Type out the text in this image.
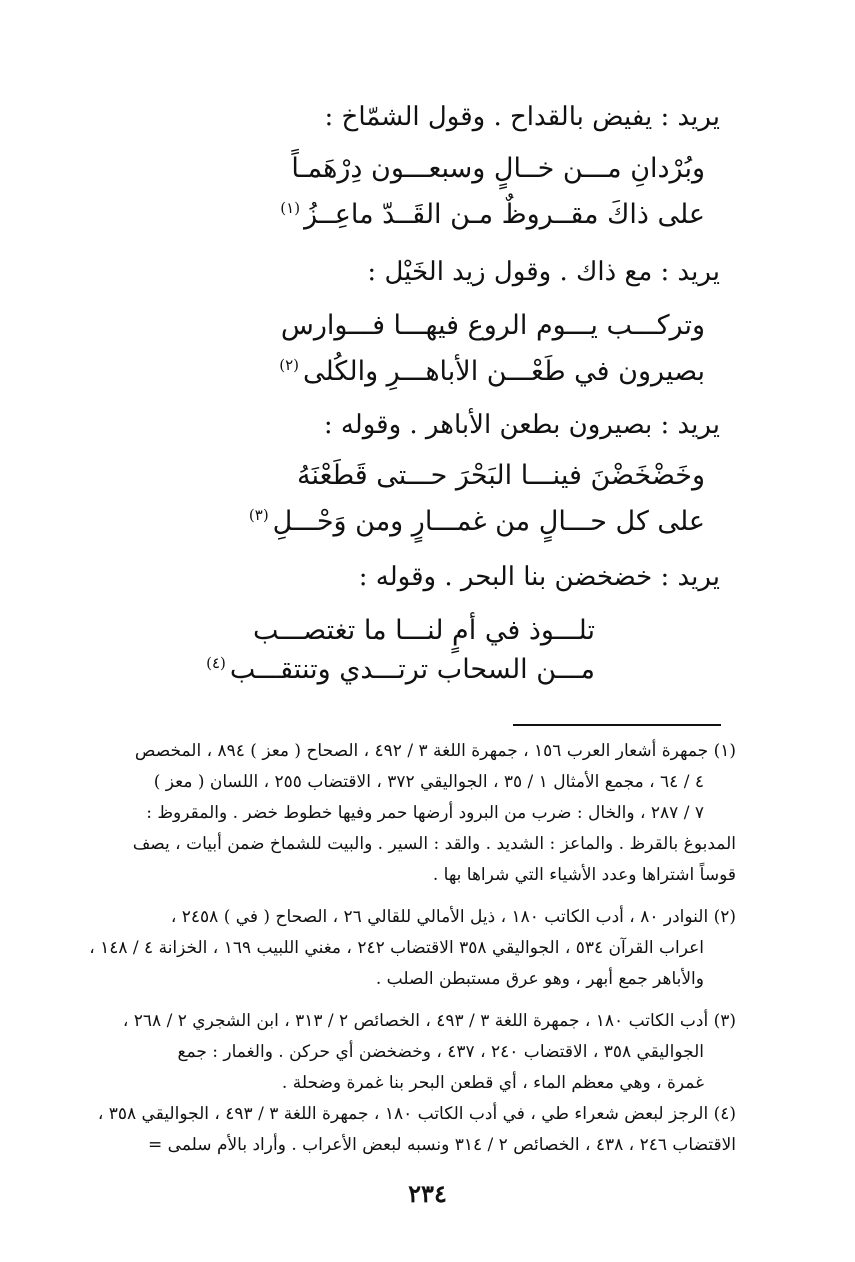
يريد : يفيض بالقداح . وقول الشمّاخ :
وبُرْدانِ مـــن خــالٍ وسبعـــون دِرْهَمـاً
على ذاكَ مقــروظٌ مـن القَــدّ ماعِــزُ$^{(١)}$
يريد : مع ذاك . وقول زيد الخَيْل :
وتركـــب يـــوم الروع فيهـــا فـــوارس
بصيرون في طَعْـــن الأباهـــرِ والكُلى$^{(٢)}$
يريد : بصيرون بطعن الأباهر . وقوله :
وخَضْخَضْنَ فينـــا البَحْرَ حـــتى قَطَعْنَهُ
على كل حـــالٍ من غمـــارٍ ومن وَحْـــلِ$^{(٣)}$
يريد : خضخضن بنا البحر . وقوله :
تلـــوذ في أمٍ لنـــا ما تغتصـــب
مـــن السحاب ترتـــدي وتنتقـــب$^{(٤)}$
(١) جمهرة أشعار العرب ١٥٦ ، جمهرة اللغة ٣ / ٤٩٢ ، الصحاح ( معز ) ٨٩٤ ، المخصص
٤ / ٦٤ ، مجمع الأمثال ١ / ٣٥ ، الجواليقي ٣٧٢ ، الاقتضاب ٢٥٥ ، اللسان ( معز )
٧ / ٢٨٧ ، والخال : ضرب من البرود أرضها حمر وفيها خطوط خضر . والمقروظ :
المدبوغ بالقرظ . والماعز : الشديد . والقد : السير . والبيت للشماخ ضمن أبيات ، يصف
قوساً اشتراها وعدد الأشياء التي شراها بها .
(٢) النوادر ٨٠ ، أدب الكاتب ١٨٠ ، ذيل الأمالي للقالي ٢٦ ، الصحاح ( في ) ٢٤٥٨ ،
اعراب القرآن ٥٣٤ ، الجواليقي ٣٥٨ الاقتضاب ٢٤٢ ، مغني اللبيب ١٦٩ ، الخزانة ٤ / ١٤٨ ،
والأباهر جمع أبهر ، وهو عرق مستبطن الصلب .
(٣) أدب الكاتب ١٨٠ ، جمهرة اللغة ٣ / ٤٩٣ ، الخصائص ٢ / ٣١٣ ، ابن الشجري ٢ / ٢٦٨ ،
الجواليقي ٣٥٨ ، الاقتضاب ٢٤٠ ، ٤٣٧ ، وخضخضن أي حركن . والغمار : جمع
غمرة ، وهي معظم الماء ، أي قطعن البحر بنا غمرة وضحلة .
(٤) الرجز لبعض شعراء طي ، في أدب الكاتب ١٨٠ ، جمهرة اللغة ٣ / ٤٩٣ ، الجواليقي ٣٥٨ ،
الاقتضاب ٢٤٦ ، ٤٣٨ ، الخصائص ٢ / ٣١٤ ونسبه لبعض الأعراب . وأراد بالأم سلمى =
٢٣٤
